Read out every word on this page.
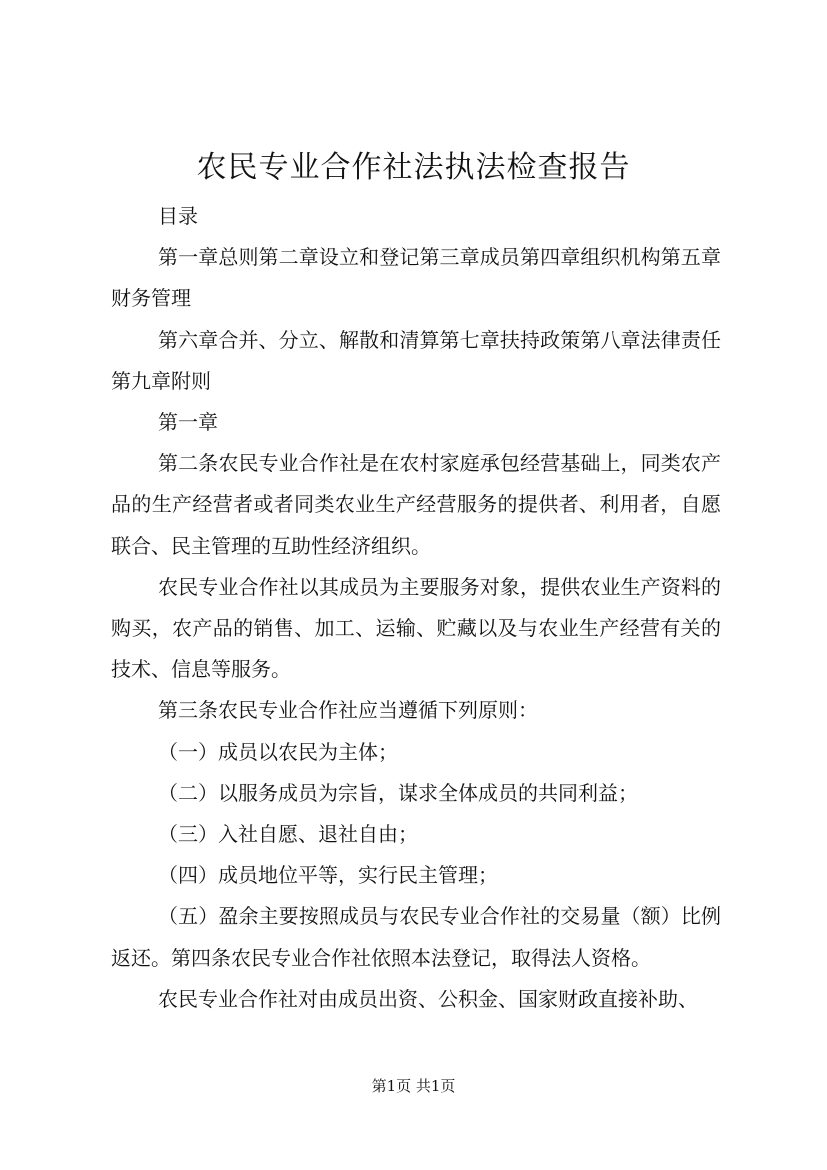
农民专业合作社法执法检查报告

目录

第一章总则第二章设立和登记第三章成员第四章组织机构第五章财务管理

第六章合并、分立、解散和清算第七章扶持政策第八章法律责任第九章附则

第一章

第二条农民专业合作社是在农村家庭承包经营基础上，同类农产品的生产经营者或者同类农业生产经营服务的提供者、利用者，自愿联合、民主管理的互助性经济组织。

农民专业合作社以其成员为主要服务对象，提供农业生产资料的购买，农产品的销售、加工、运输、贮藏以及与农业生产经营有关的技术、信息等服务。

第三条农民专业合作社应当遵循下列原则：

（一）成员以农民为主体；

（二）以服务成员为宗旨，谋求全体成员的共同利益；

（三）入社自愿、退社自由；

（四）成员地位平等，实行民主管理；

（五）盈余主要按照成员与农民专业合作社的交易量（额）比例返还。第四条农民专业合作社依照本法登记，取得法人资格。

农民专业合作社对由成员出资、公积金、国家财政直接补助、

第1页 共1页
